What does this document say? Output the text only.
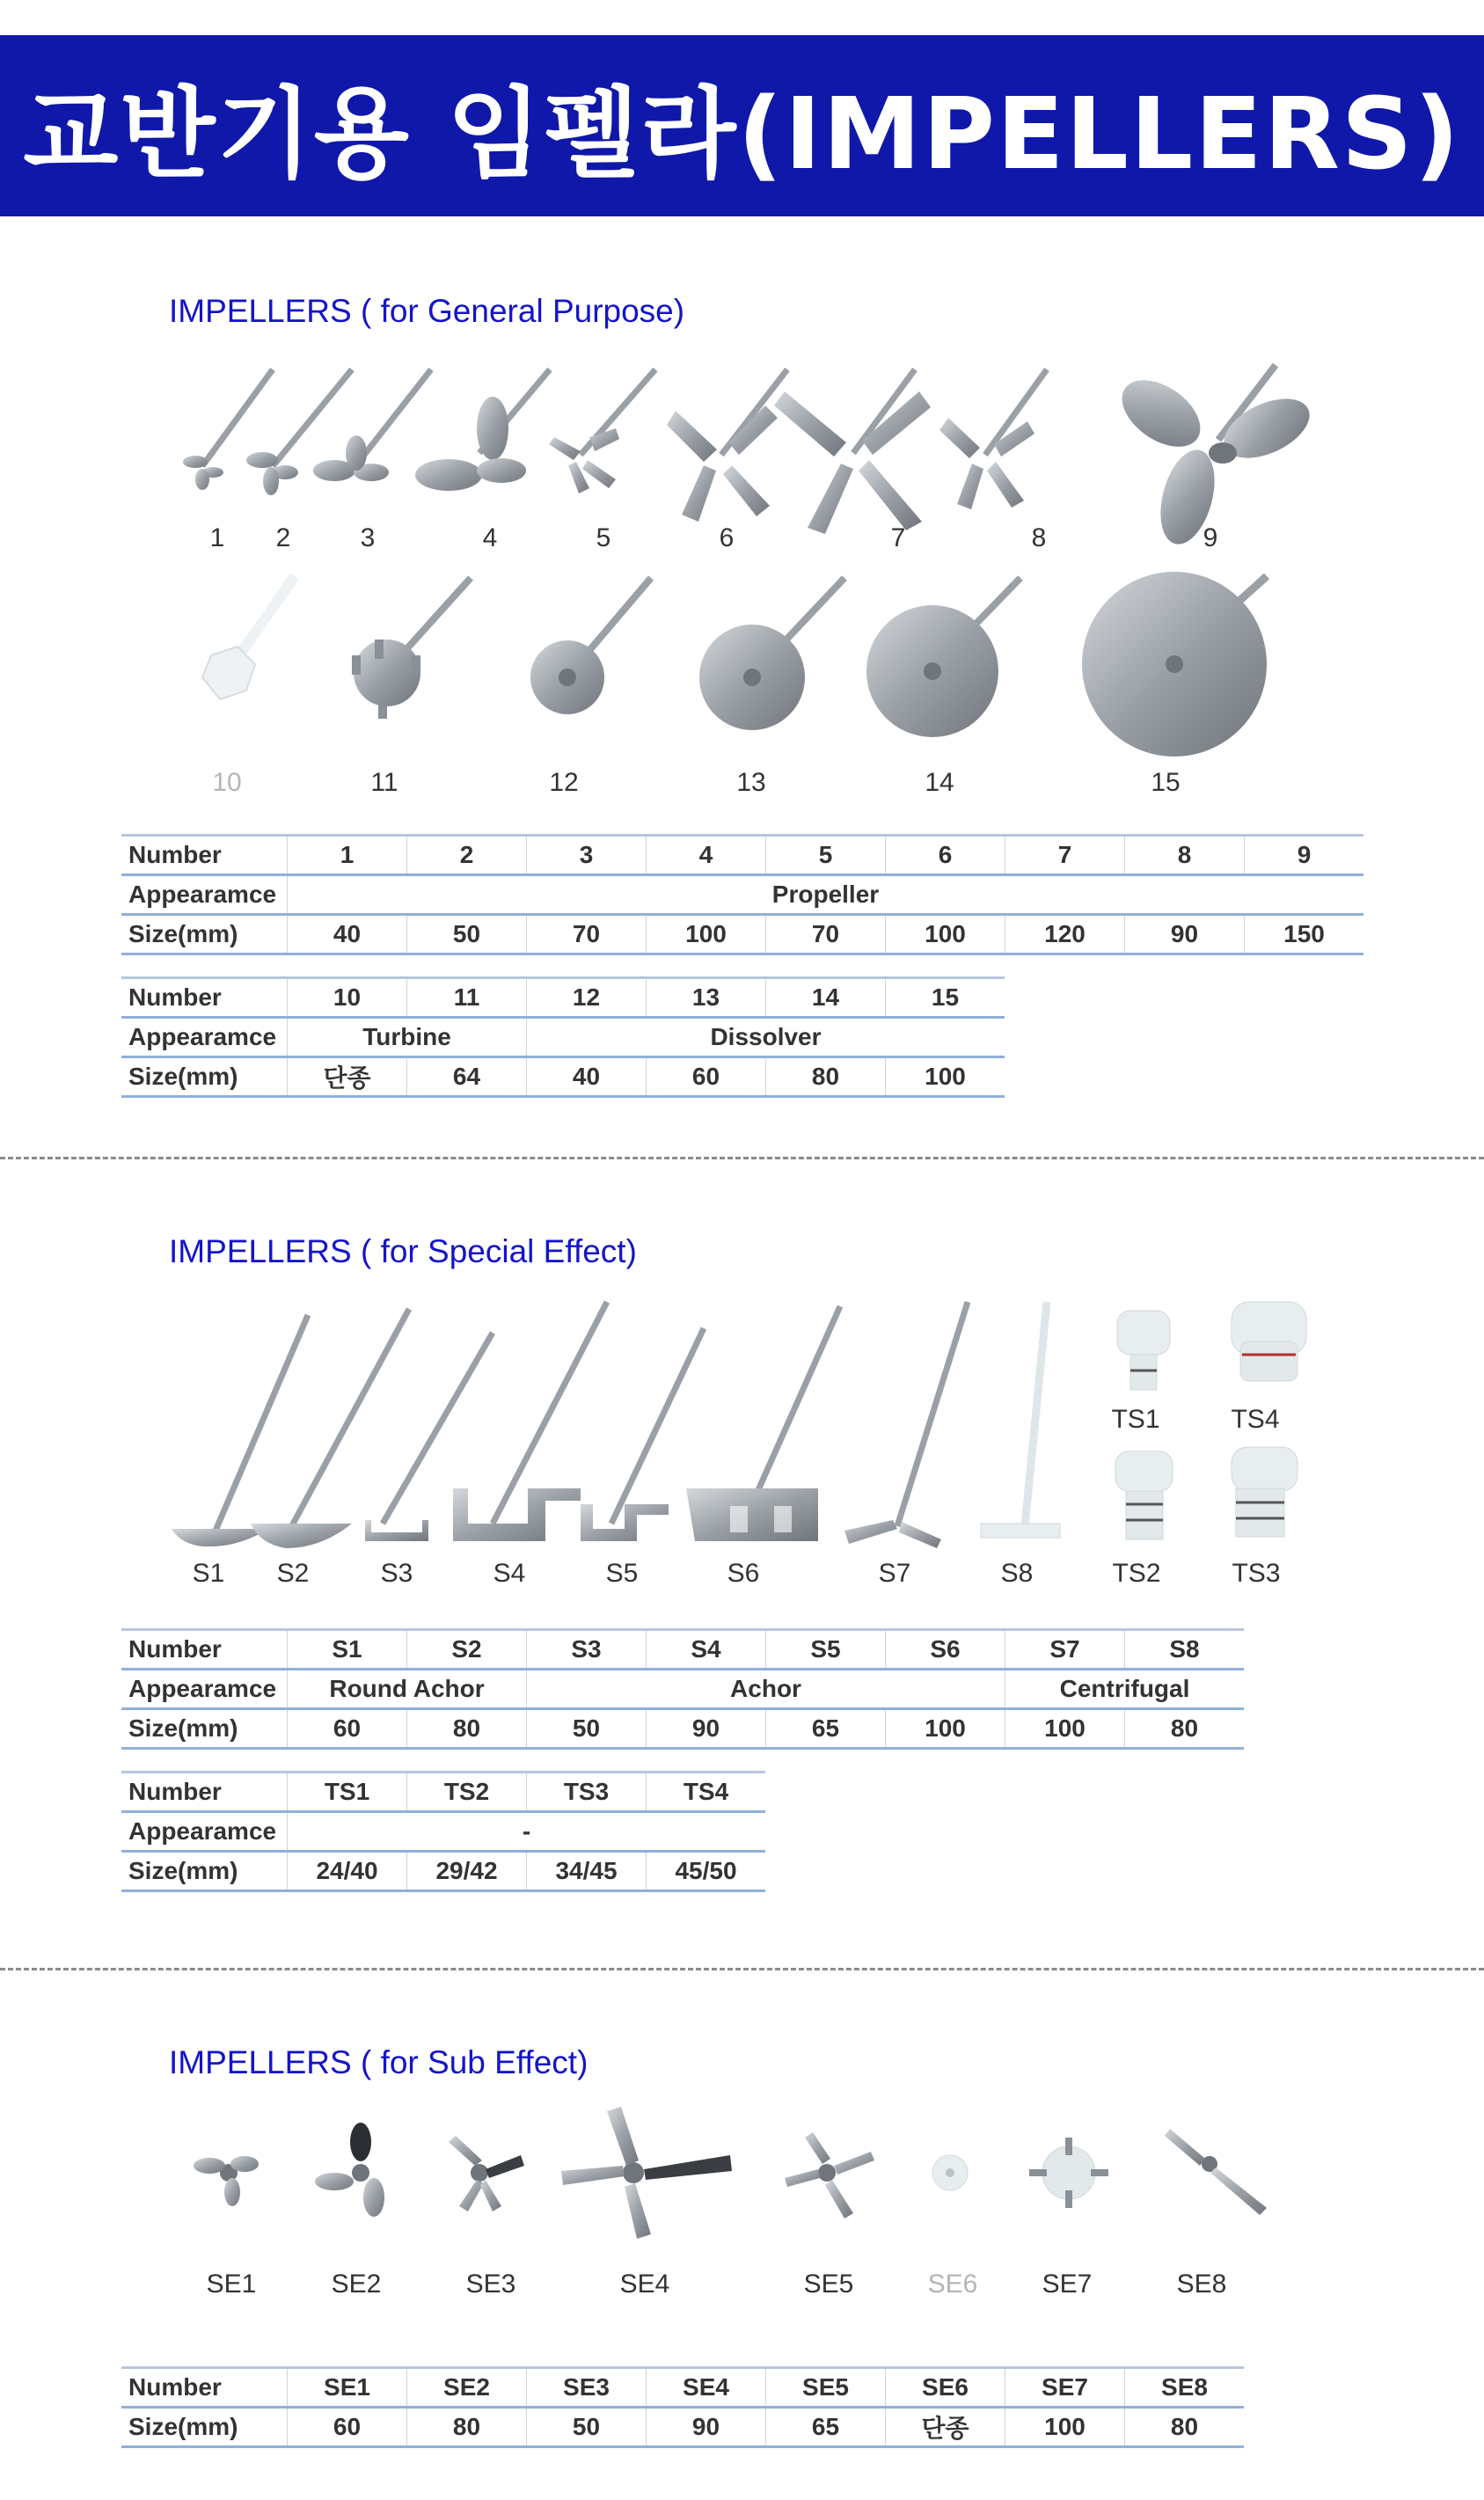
교반기용 임펠라(IMPELLERS)
IMPELLERS ( for General Purpose)
1	2	3	4	5	6	7	8	9
10	11	12	13	14	15
Number	1	2	3	4	5	6	7	8	9
Appearamce	Propeller								
Size(mm)	40	50	70	100	70	100	120	90	150
Number	10	11	12	13	14	15
Appearamce	Turbine		Dissolver			
Size(mm)	단종	64	40	60	80	100
IMPELLERS ( for Special Effect)
TS1	TS4
S1	S2	S3	S4	S5	S6	S7	S8	TS2	TS3
Number	S1	S2	S3	S4	S5	S6	S7	S8
Appearamce	Round Achor		Achor				Centrifugal	
Size(mm)	60	80	50	90	65	100	100	80
Number	TS1	TS2	TS3	TS4
Appearamce	-			
Size(mm)	24/40	29/42	34/45	45/50
IMPELLERS ( for Sub Effect)
SE1	SE2	SE3	SE4	SE5	SE6	SE7	SE8
Number	SE1	SE2	SE3	SE4	SE5	SE6	SE7	SE8
Size(mm)	60	80	50	90	65	단종	100	80
